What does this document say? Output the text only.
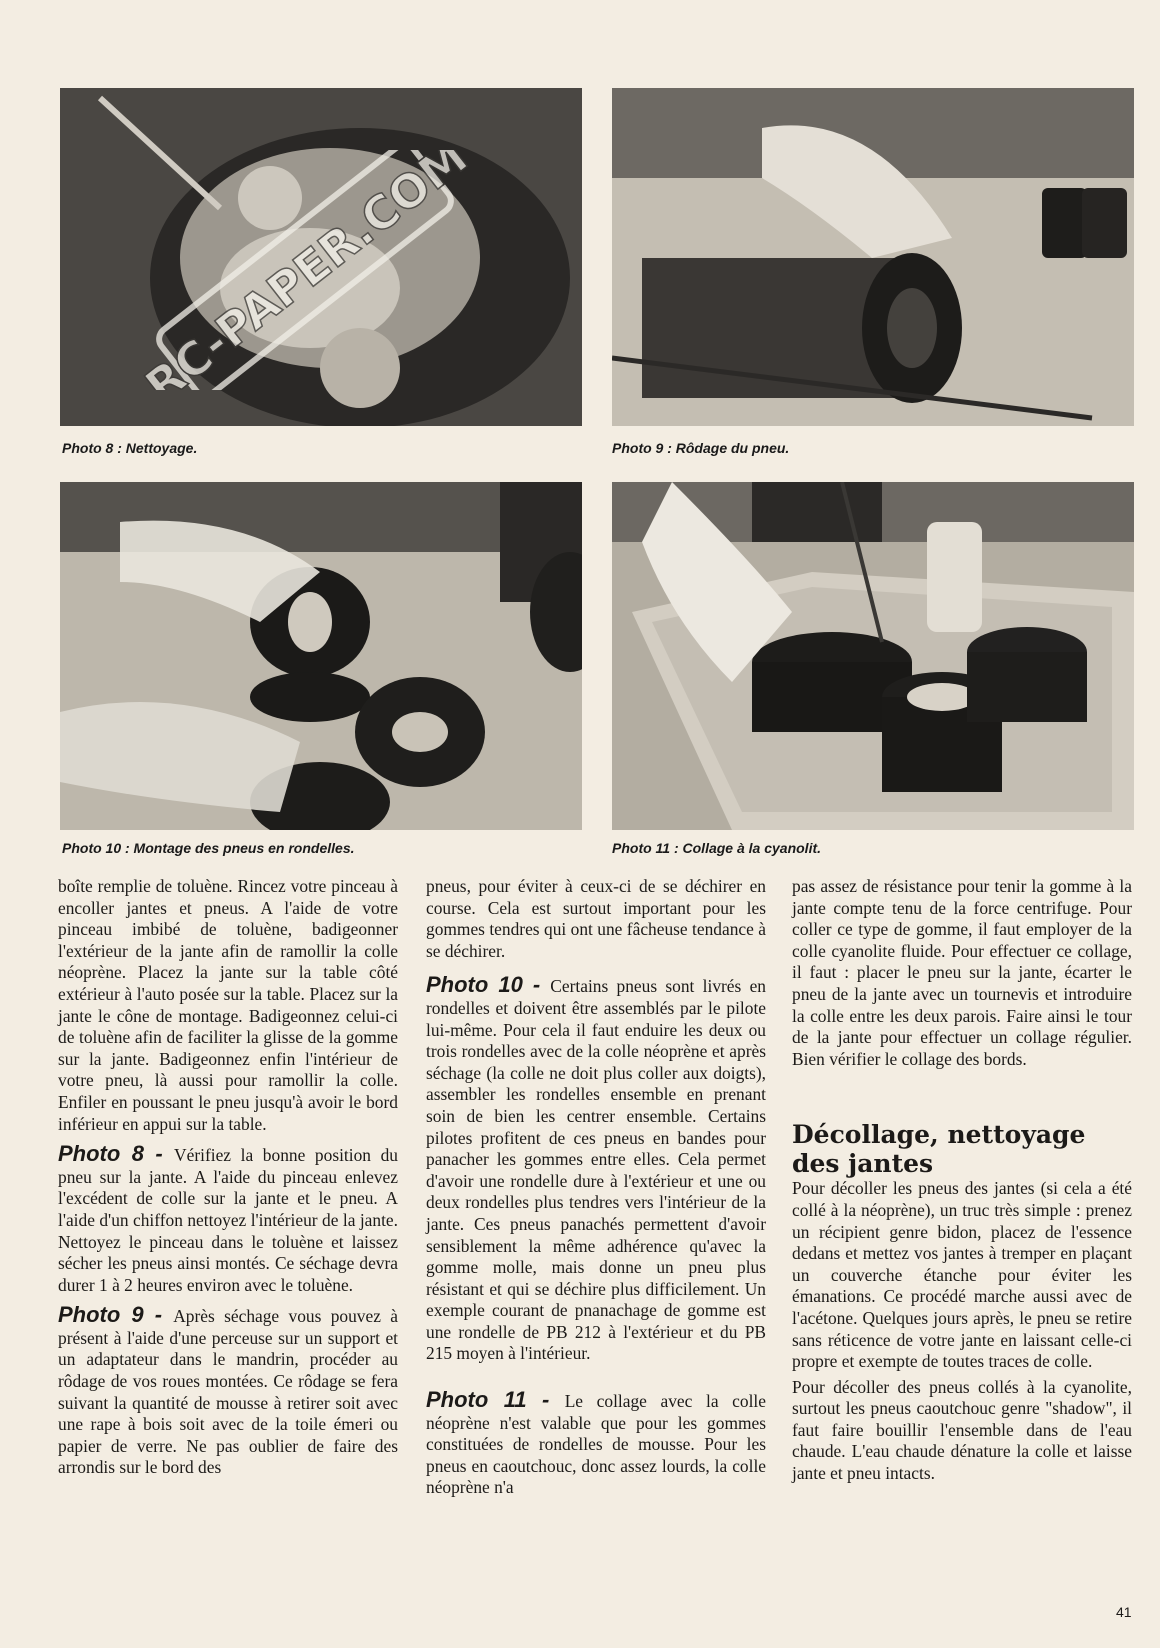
Photo 8 : Nettoyage.	Photo 9 : Rôdage du pneu.
Photo 10 : Montage des pneus en rondelles.	Photo 11 : Collage à la cyanolit.
RC-PAPER.COM

boîte remplie de toluène. Rincez votre pinceau à encoller jantes et pneus. A l'aide de votre pinceau imbibé de toluène, badigeonner l'extérieur de la jante afin de ramollir la colle néoprène. Placez la jante sur la table côté extérieur à l'auto posée sur la table. Placez sur la jante le cône de montage. Badigeonnez celui-ci de toluène afin de faciliter la glisse de la gomme sur la jante. Badigeonnez enfin l'intérieur de votre pneu, là aussi pour ramollir la colle. Enfiler en poussant le pneu jusqu'à avoir le bord inférieur en appui sur la table.

Photo 8 - Vérifiez la bonne position du pneu sur la jante. A l'aide du pinceau enlevez l'excédent de colle sur la jante et le pneu. A l'aide d'un chiffon nettoyez l'intérieur de la jante. Nettoyez le pinceau dans le toluène et laissez sécher les pneus ainsi montés. Ce séchage devra durer 1 à 2 heures environ avec le toluène.

Photo 9 - Après séchage vous pouvez à présent à l'aide d'une perceuse sur un support et un adaptateur dans le mandrin, procéder au rôdage de vos roues montées. Ce rôdage se fera suivant la quantité de mousse à retirer soit avec une rape à bois soit avec de la toile émeri ou papier de verre. Ne pas oublier de faire des arrondis sur le bord des

pneus, pour éviter à ceux-ci de se déchirer en course. Cela est surtout important pour les gommes tendres qui ont une fâcheuse tendance à se déchirer.

Photo 10 - Certains pneus sont livrés en rondelles et doivent être assemblés par le pilote lui-même. Pour cela il faut enduire les deux ou trois rondelles avec de la colle néoprène et après séchage (la colle ne doit plus coller aux doigts), assembler les rondelles ensemble en prenant soin de bien les centrer ensemble. Certains pilotes profitent de ces pneus en bandes pour panacher les gommes entre elles. Cela permet d'avoir une rondelle dure à l'extérieur et une ou deux rondelles plus tendres vers l'intérieur de la jante. Ces pneus panachés permettent d'avoir sensiblement la même adhérence qu'avec la gomme molle, mais donne un pneu plus résistant et qui se déchire plus difficilement. Un exemple courant de pnanachage de gomme est une rondelle de PB 212 à l'extérieur et du PB 215 moyen à l'intérieur.

Photo 11 - Le collage avec la colle néoprène n'est valable que pour les gommes constituées de rondelles de mousse. Pour les pneus en caoutchouc, donc assez lourds, la colle néoprène n'a

pas assez de résistance pour tenir la gomme à la jante compte tenu de la force centrifuge. Pour coller ce type de gomme, il faut employer de la colle cyanolite fluide. Pour effectuer ce collage, il faut : placer le pneu sur la jante, écarter le pneu de la jante avec un tournevis et introduire la colle entre les deux parois. Faire ainsi le tour de la jante pour effectuer un collage régulier. Bien vérifier le collage des bords.

Décollage, nettoyage des jantes

Pour décoller les pneus des jantes (si cela a été collé à la néoprène), un truc très simple : prenez un récipient genre bidon, placez de l'essence dedans et mettez vos jantes à tremper en plaçant un couverche étanche pour éviter les émanations. Ce procédé marche aussi avec de l'acétone. Quelques jours après, le pneu se retire sans réticence de votre jante en laissant celle-ci propre et exempte de toutes traces de colle.

Pour décoller des pneus collés à la cyanolite, surtout les pneus caoutchouc genre "shadow", il faut faire bouillir l'ensemble dans de l'eau chaude. L'eau chaude dénature la colle et laisse jante et pneu intacts.

41
